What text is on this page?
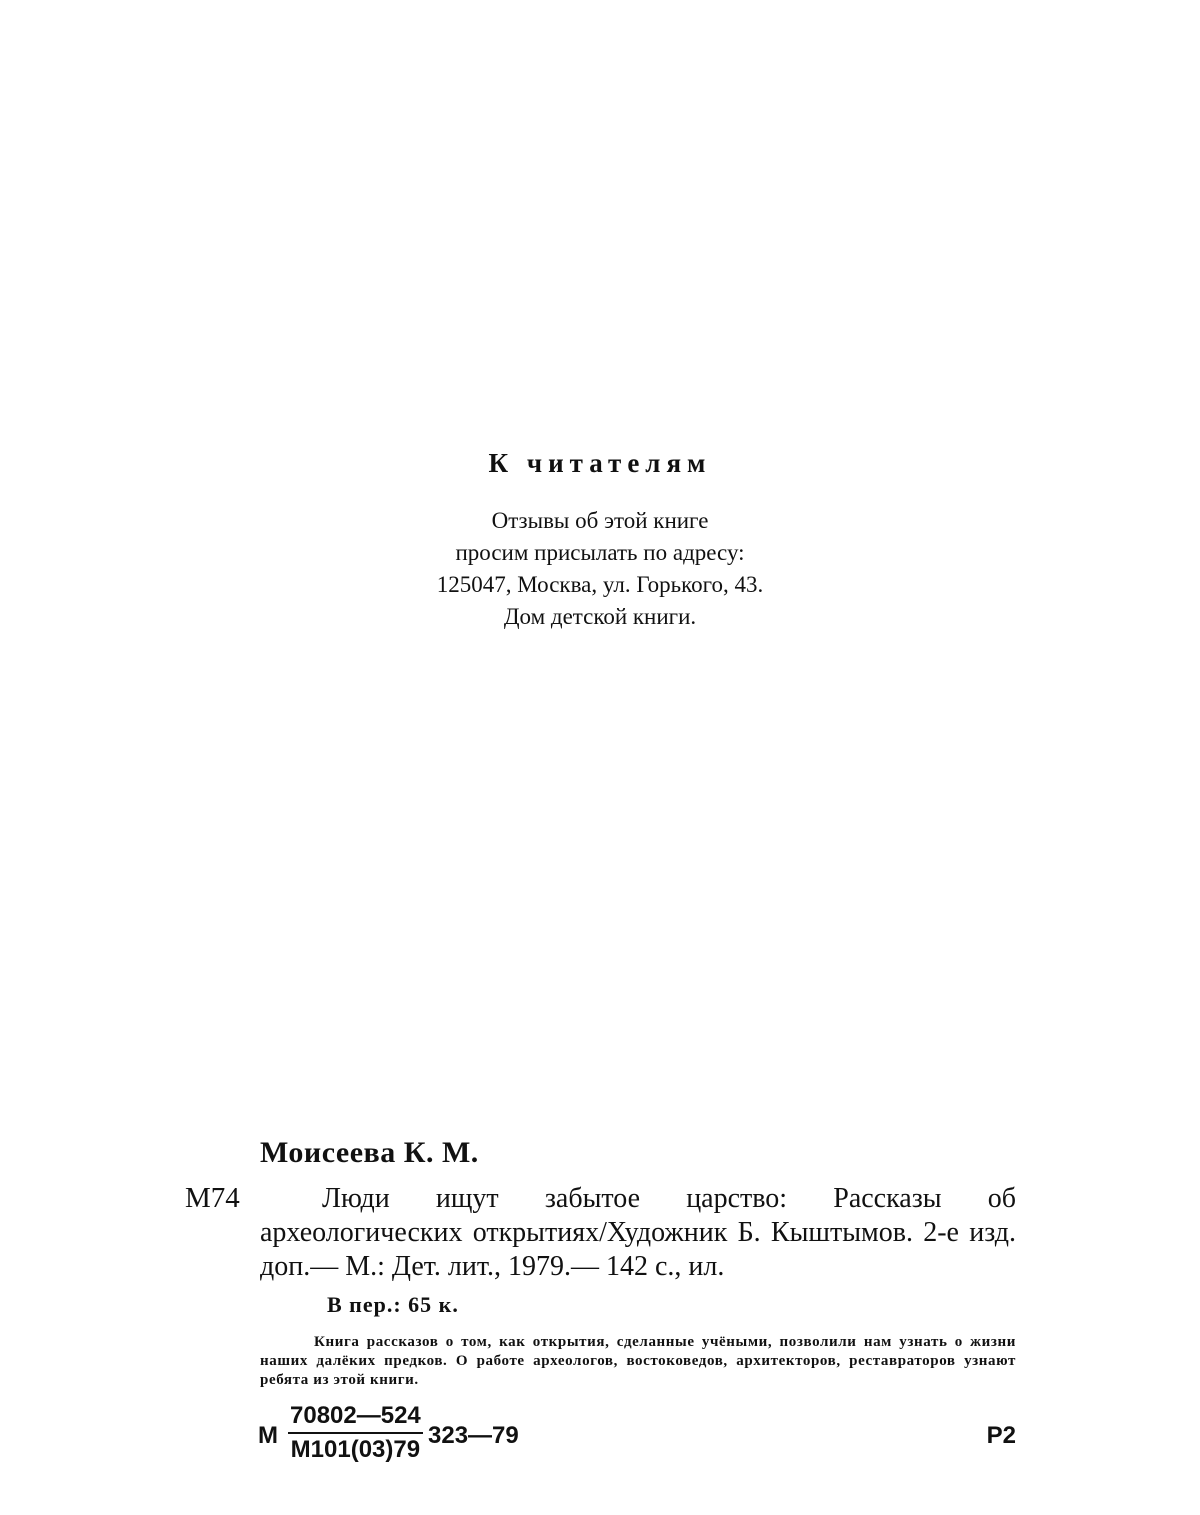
К читателям
Отзывы об этой книге
просим присылать по адресу:
125047, Москва, ул. Горького, 43.
Дом детской книги.
Моисеева К. М.
М74	Люди ищут забытое царство: Рассказы об археологических открытиях/Художник Б. Кыштымов. 2-е изд. доп.— М.: Дет. лит., 1979.— 142 с., ил.
В пер.: 65 к.
Книга рассказов о том, как открытия, сделанные учёными, позволили нам узнать о жизни наших далёких предков. О работе археологов, востоковедов, архитекторов, реставраторов узнают ребята из этой книги.
М
70802—524
М101(03)79
323—79	Р2
